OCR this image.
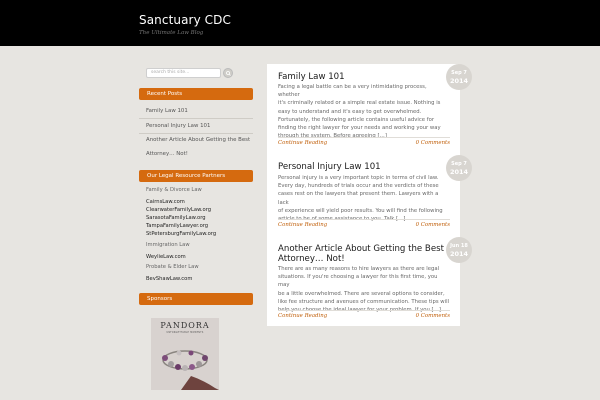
Sanctuary CDC
The Ultimate Law Blog
search this site...
Recent Posts
Family Law 101
Personal Injury Law 101
Another Article About Getting the Best
Attorney… Not!
Our Legal Resource Partners
Family & Divorce Law
CairnsLaw.com
ClearwaterFamilyLaw.org
SarasotaFamilyLaw.org
TampaFamilyLawyer.org
StPetersburgFamilyLaw.org
Immigration Law
WeylieLaw.com
Probate & Elder Law
BevShawLaw.com
Sponsors
PANDORA
UNFORGETTABLE MOMENTS
Family Law 101
Facing a legal battle can be a very intimidating process, whether
it's criminally related or a simple real estate issue. Nothing is
easy to understand and it's easy to get overwhelmed.
Fortunately, the following article contains useful advice for
finding the right lawyer for your needs and working your way
Continue Reading	0 Comments
Sep 7
2014
Personal Injury Law 101
Personal injury is a very important topic in terms of civil law.
Every day, hundreds of trials occur and the verdicts of these
cases rest on the lawyers that present them. Lawyers with a lack
of experience will yield poor results. You will find the following
Continue Reading	0 Comments
Sep 7
2014
Another Article About Getting the Best
Attorney… Not!
There are as many reasons to hire lawyers as there are legal
situations. If you're choosing a lawyer for this first time, you may
be a little overwhelmed. There are several options to consider,
like fee structure and avenues of communication. These tips will
Continue Reading	0 Comments
Jun 18
2014
